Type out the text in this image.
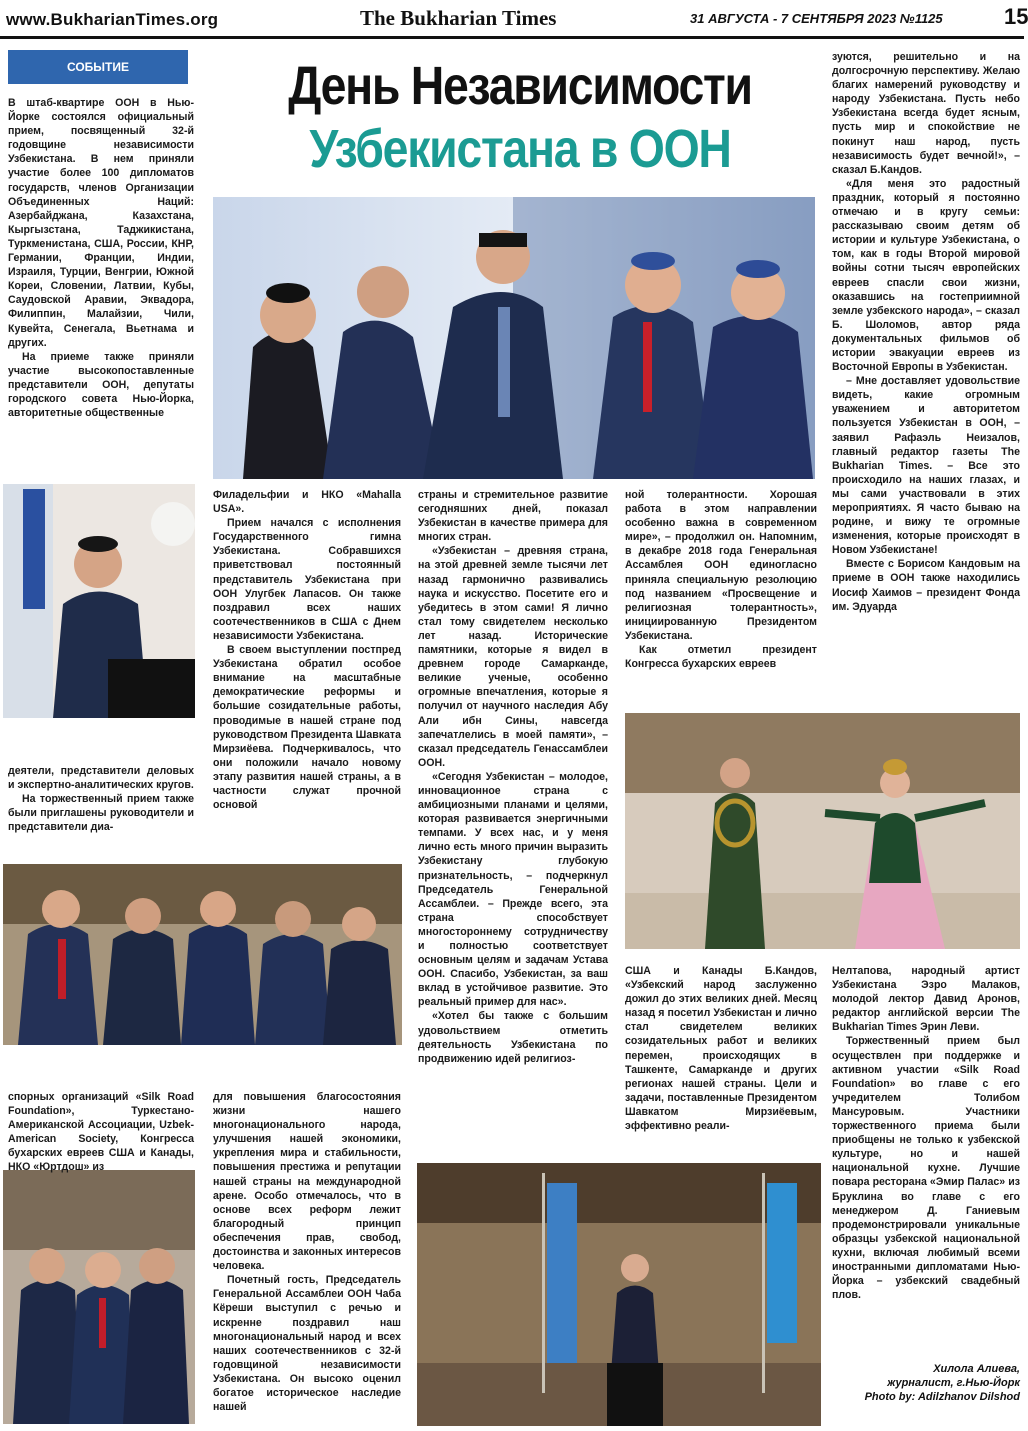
www.BukharianTimes.org	The Bukharian Times	31 АВГУСТА - 7 СЕНТЯБРЯ 2023 №1125	15
СОБЫТИЕ	День Независимости
Узбекистана в ООН

В штаб-квартире ООН в Нью-Йорке состоялся официальный прием, посвященный 32-й годовщине независимости Узбекистана. В нем приняли участие более 100 дипломатов государств, членов Организации Объединенных Наций: Азербайджана, Казахстана, Кыргызстана, Таджикистана, Туркменистана, США, России, КНР, Германии, Франции, Индии, Израиля, Турции, Венгрии, Южной Кореи, Словении, Латвии, Кубы, Саудовской Аравии, Эквадора, Филиппин, Малайзии, Чили, Кувейта, Сенегала, Вьетнама и других.

На приеме также приняли участие высокопоставленные представители ООН, депутаты городского совета Нью-Йорка, авторитетные общественные

деятели, представители деловых и экспертно-аналитических кругов.

На торжественный прием также были приглашены руководители и представители диа-

спорных организаций «Silk Road Foundation», Туркестано-Американской Ассоциации, Uzbek-American Society, Конгресса бухарских евреев США и Канады, НКО «Юртдош» из

Филадельфии и НКО «Mahalla USA».

Прием начался с исполнения Государственного гимна Узбекистана. Собравшихся приветствовал постоянный представитель Узбекистана при ООН Улугбек Лапасов. Он также поздравил всех наших соотечественников в США с Днем независимости Узбекистана.

В своем выступлении постпред Узбекистана обратил особое внимание на масштабные демократические реформы и большие созидательные работы, проводимые в нашей стране под руководством Президента Шавката Мирзиёева. Подчеркивалось, что они положили начало новому этапу развития нашей страны, а в частности служат прочной основой

для повышения благосостояния жизни нашего многонационального народа, улучшения нашей экономики, укрепления мира и стабильности, повышения престижа и репутации нашей страны на международной арене. Особо отмечалось, что в основе всех реформ лежит благородный принцип обеспечения прав, свобод, достоинства и законных интересов человека.

Почетный гость, Председатель Генеральной Ассамблеи ООН Чаба Кёреши выступил с речью и искренне поздравил наш многонациональный народ и всех наших соотечественников с 32-й годовщиной независимости Узбекистана. Он высоко оценил богатое историческое наследие нашей

страны и стремительное развитие сегодняшних дней, показал Узбекистан в качестве примера для многих стран.

«Узбекистан – древняя страна, на этой древней земле тысячи лет назад гармонично развивались наука и искусство. Посетите его и убедитесь в этом сами! Я лично стал тому свидетелем несколько лет назад. Исторические памятники, которые я видел в древнем городе Самарканде, великие ученые, особенно огромные впечатления, которые я получил от научного наследия Абу Али ибн Сины, навсегда запечатлелись в моей памяти», – сказал председатель Генассамблеи ООН.

«Сегодня Узбекистан – молодое, инновационное страна с амбициозными планами и целями, которая развивается энергичными темпами. У всех нас, и у меня лично есть много причин выразить Узбекистану глубокую признательность, – подчеркнул Председатель Генеральной Ассамблеи. – Прежде всего, эта страна способствует многостороннему сотрудничеству и полностью соответствует основным целям и задачам Устава ООН. Спасибо, Узбекистан, за ваш вклад в устойчивое развитие. Это реальный пример для нас».

«Хотел бы также с большим удовольствием отметить деятельность Узбекистана по продвижению идей религиоз-

ной толерантности. Хорошая работа в этом направлении особенно важна в современном мире», – продолжил он. Напомним, в декабре 2018 года Генеральная Ассамблея ООН единогласно приняла специальную резолюцию под названием «Просвещение и религиозная толерантность», инициированную Президентом Узбекистана.

Как отметил президент Конгресса бухарских евреев

США и Канады Б.Кандов, «Узбекский народ заслуженно дожил до этих великих дней. Месяц назад я посетил Узбекистан и лично стал свидетелем великих созидательных работ и великих перемен, происходящих в Ташкенте, Самарканде и других регионах нашей страны. Цели и задачи, поставленные Президентом Шавкатом Мирзиёевым, эффективно реали-

зуются, решительно и на долгосрочную перспективу. Желаю благих намерений руководству и народу Узбекистана. Пусть небо Узбекистана всегда будет ясным, пусть мир и спокойствие не покинут наш народ, пусть независимость будет вечной!», – сказал Б.Кандов.

«Для меня это радостный праздник, который я постоянно отмечаю и в кругу семьи: рассказываю своим детям об истории и культуре Узбекистана, о том, как в годы Второй мировой войны сотни тысяч европейских евреев спасли свои жизни, оказавшись на гостеприимной земле узбекского народа», – сказал Б. Шоломов, автор ряда документальных фильмов об истории эвакуации евреев из Восточной Европы в Узбекистан.

– Мне доставляет удовольствие видеть, какие огромным уважением и авторитетом пользуется Узбекистан в ООН, – заявил Рафаэль Неизалов, главный редактор газеты The Bukharian Times. – Все это происходило на наших глазах, и мы сами участвовали в этих мероприятиях. Я часто бываю на родине, и вижу те огромные изменения, которые происходят в Новом Узбекистане!

Вместе с Борисом Кандовым на приеме в ООН также находились Иосиф Хаимов – президент Фонда им. Эдуарда

Нелтапова, народный артист Узбекистана Эзро Малаков, молодой лектор Давид Аронов, редактор английской версии The Bukharian Times Эрин Леви.

Торжественный прием был осуществлен при поддержке и активном участии «Silk Road Foundation» во главе с его учредителем Толибом Мансуровым. Участники торжественного приема были приобщены не только к узбекской культуре, но и нашей национальной кухне. Лучшие повара ресторана «Эмир Палас» из Бруклина во главе с его менеджером Д. Ганиевым продемонстрировали уникальные образцы узбекской национальной кухни, включая любимый всеми иностранными дипломатами Нью-Йорка – узбекский свадебный плов.

Хилола Алиева,
журналист, г.Нью-Йорк
Photo by: Adilzhanov Dilshod
